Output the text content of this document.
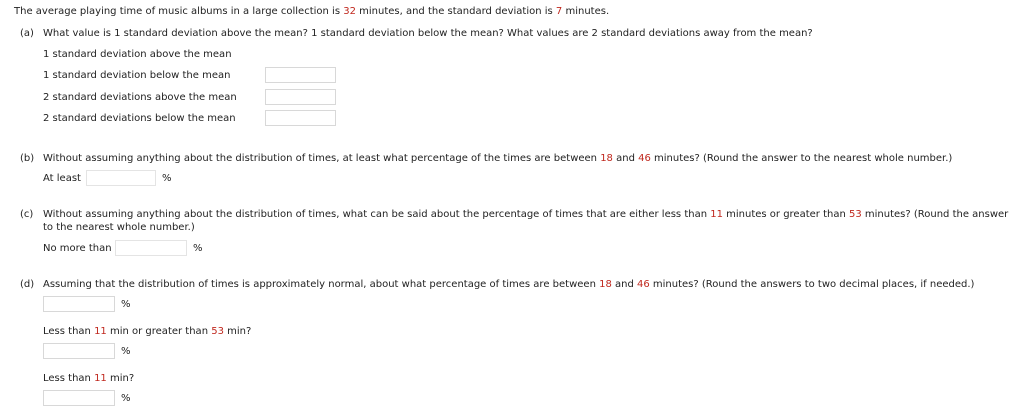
The average playing time of music albums in a large collection is 32 minutes, and the standard deviation is 7 minutes.
(a) What value is 1 standard deviation above the mean? 1 standard deviation below the mean? What values are 2 standard deviations away from the mean?
1 standard deviation above the mean
1 standard deviation below the mean
2 standard deviations above the mean
2 standard deviations below the mean
(b) Without assuming anything about the distribution of times, at least what percentage of the times are between 18 and 46 minutes? (Round the answer to the nearest whole number.)
At least	%
(c) Without assuming anything about the distribution of times, what can be said about the percentage of times that are either less than 11 minutes or greater than 53 minutes? (Round the answer
to the nearest whole number.)
No more than	%
(d) Assuming that the distribution of times is approximately normal, about what percentage of times are between 18 and 46 minutes? (Round the answers to two decimal places, if needed.)
%
Less than 11 min or greater than 53 min?
%
Less than 11 min?
%
